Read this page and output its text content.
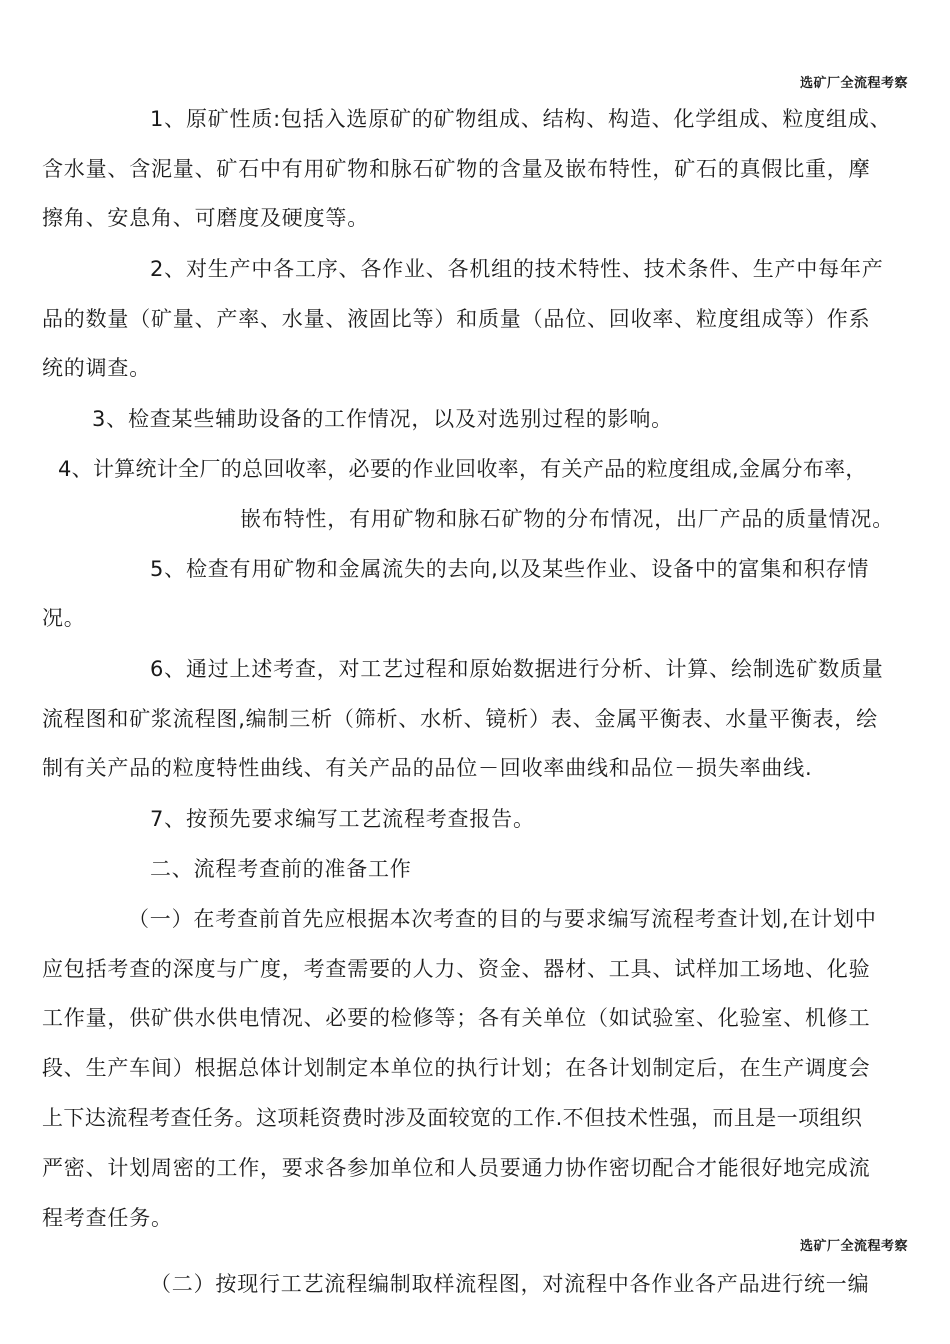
选矿厂全流程考察

1、原矿性质:包括入选原矿的矿物组成、结构、构造、化学组成、粒度组成、

含水量、含泥量、矿石中有用矿物和脉石矿物的含量及嵌布特性，矿石的真假比重，摩

擦角、安息角、可磨度及硬度等。

2、对生产中各工序、各作业、各机组的技术特性、技术条件、生产中每年产

品的数量（矿量、产率、水量、液固比等）和质量（品位、回收率、粒度组成等）作系

统的调查。

3、检查某些辅助设备的工作情况，以及对选别过程的影响。

4、计算统计全厂的总回收率，必要的作业回收率，有关产品的粒度组成,金属分布率，

嵌布特性，有用矿物和脉石矿物的分布情况，出厂产品的质量情况。

5、检查有用矿物和金属流失的去向,以及某些作业、设备中的富集和积存情

况。

6、通过上述考查，对工艺过程和原始数据进行分析、计算、绘制选矿数质量

流程图和矿浆流程图,编制三析（筛析、水析、镜析）表、金属平衡表、水量平衡表，绘

制有关产品的粒度特性曲线、有关产品的品位－回收率曲线和品位－损失率曲线.

7、按预先要求编写工艺流程考查报告。

二、流程考查前的准备工作

（一）在考查前首先应根据本次考查的目的与要求编写流程考查计划,在计划中

应包括考查的深度与广度，考查需要的人力、资金、器材、工具、试样加工场地、化验

工作量，供矿供水供电情况、必要的检修等；各有关单位（如试验室、化验室、机修工

段、生产车间）根据总体计划制定本单位的执行计划；在各计划制定后，在生产调度会

上下达流程考查任务。这项耗资费时涉及面较宽的工作.不但技术性强，而且是一项组织

严密、计划周密的工作，要求各参加单位和人员要通力协作密切配合才能很好地完成流

程考查任务。

选矿厂全流程考察

（二）按现行工艺流程编制取样流程图，对流程中各作业各产品进行统一编
